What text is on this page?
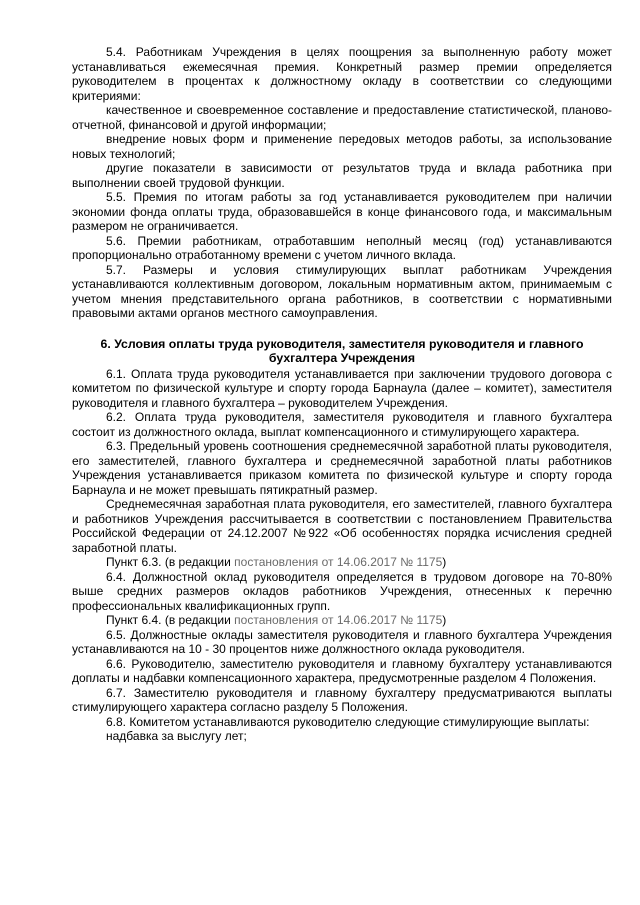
5.4. Работникам Учреждения в целях поощрения за выполненную работу может устанавливаться ежемесячная премия. Конкретный размер премии определяется руководителем в процентах к должностному окладу в соответствии со следующими критериями:

качественное и своевременное составление и предоставление статистической, планово-отчетной, финансовой и другой информации;

внедрение новых форм и применение передовых методов работы, за использование новых технологий;

другие показатели в зависимости от результатов труда и вклада работника при выполнении своей трудовой функции.

5.5. Премия по итогам работы за год устанавливается руководителем при наличии экономии фонда оплаты труда, образовавшейся в конце финансового года, и максимальным размером не ограничивается.

5.6. Премии работникам, отработавшим неполный месяц (год) устанавливаются пропорционально отработанному времени с учетом личного вклада.

5.7. Размеры и условия стимулирующих выплат работникам Учреждения устанавливаются коллективным договором, локальным нормативным актом, принимаемым с учетом мнения представительного органа работников, в соответствии с нормативными правовыми актами органов местного самоуправления.

6. Условия оплаты труда руководителя, заместителя руководителя и главного бухгалтера Учреждения

6.1. Оплата труда руководителя устанавливается при заключении трудового договора с комитетом по физической культуре и спорту города Барнаула (далее – комитет), заместителя руководителя и главного бухгалтера – руководителем Учреждения.

6.2. Оплата труда руководителя, заместителя руководителя и главного бухгалтера состоит из должностного оклада, выплат компенсационного и стимулирующего характера.

6.3. Предельный уровень соотношения среднемесячной заработной платы руководителя, его заместителей, главного бухгалтера и среднемесячной заработной платы работников Учреждения устанавливается приказом комитета по физической культуре и спорту города Барнаула и не может превышать пятикратный размер.

Среднемесячная заработная плата руководителя, его заместителей, главного бухгалтера и работников Учреждения рассчитывается в соответствии с постановлением Правительства Российской Федерации от 24.12.2007 №922 «Об особенностях порядка исчисления средней заработной платы.

Пункт 6.3. (в редакции постановления от 14.06.2017 № 1175)

6.4. Должностной оклад руководителя определяется в трудовом договоре на 70-80% выше средних размеров окладов работников Учреждения, отнесенных к перечню профессиональных квалификационных групп.

Пункт 6.4. (в редакции постановления от 14.06.2017 № 1175)

6.5. Должностные оклады заместителя руководителя и главного бухгалтера Учреждения устанавливаются на 10 - 30 процентов ниже должностного оклада руководителя.

6.6. Руководителю, заместителю руководителя и главному бухгалтеру устанавливаются доплаты и надбавки компенсационного характера, предусмотренные разделом 4 Положения.

6.7. Заместителю руководителя и главному бухгалтеру предусматриваются выплаты стимулирующего характера согласно разделу 5 Положения.

6.8. Комитетом устанавливаются руководителю следующие стимулирующие выплаты:

надбавка за выслугу лет;
